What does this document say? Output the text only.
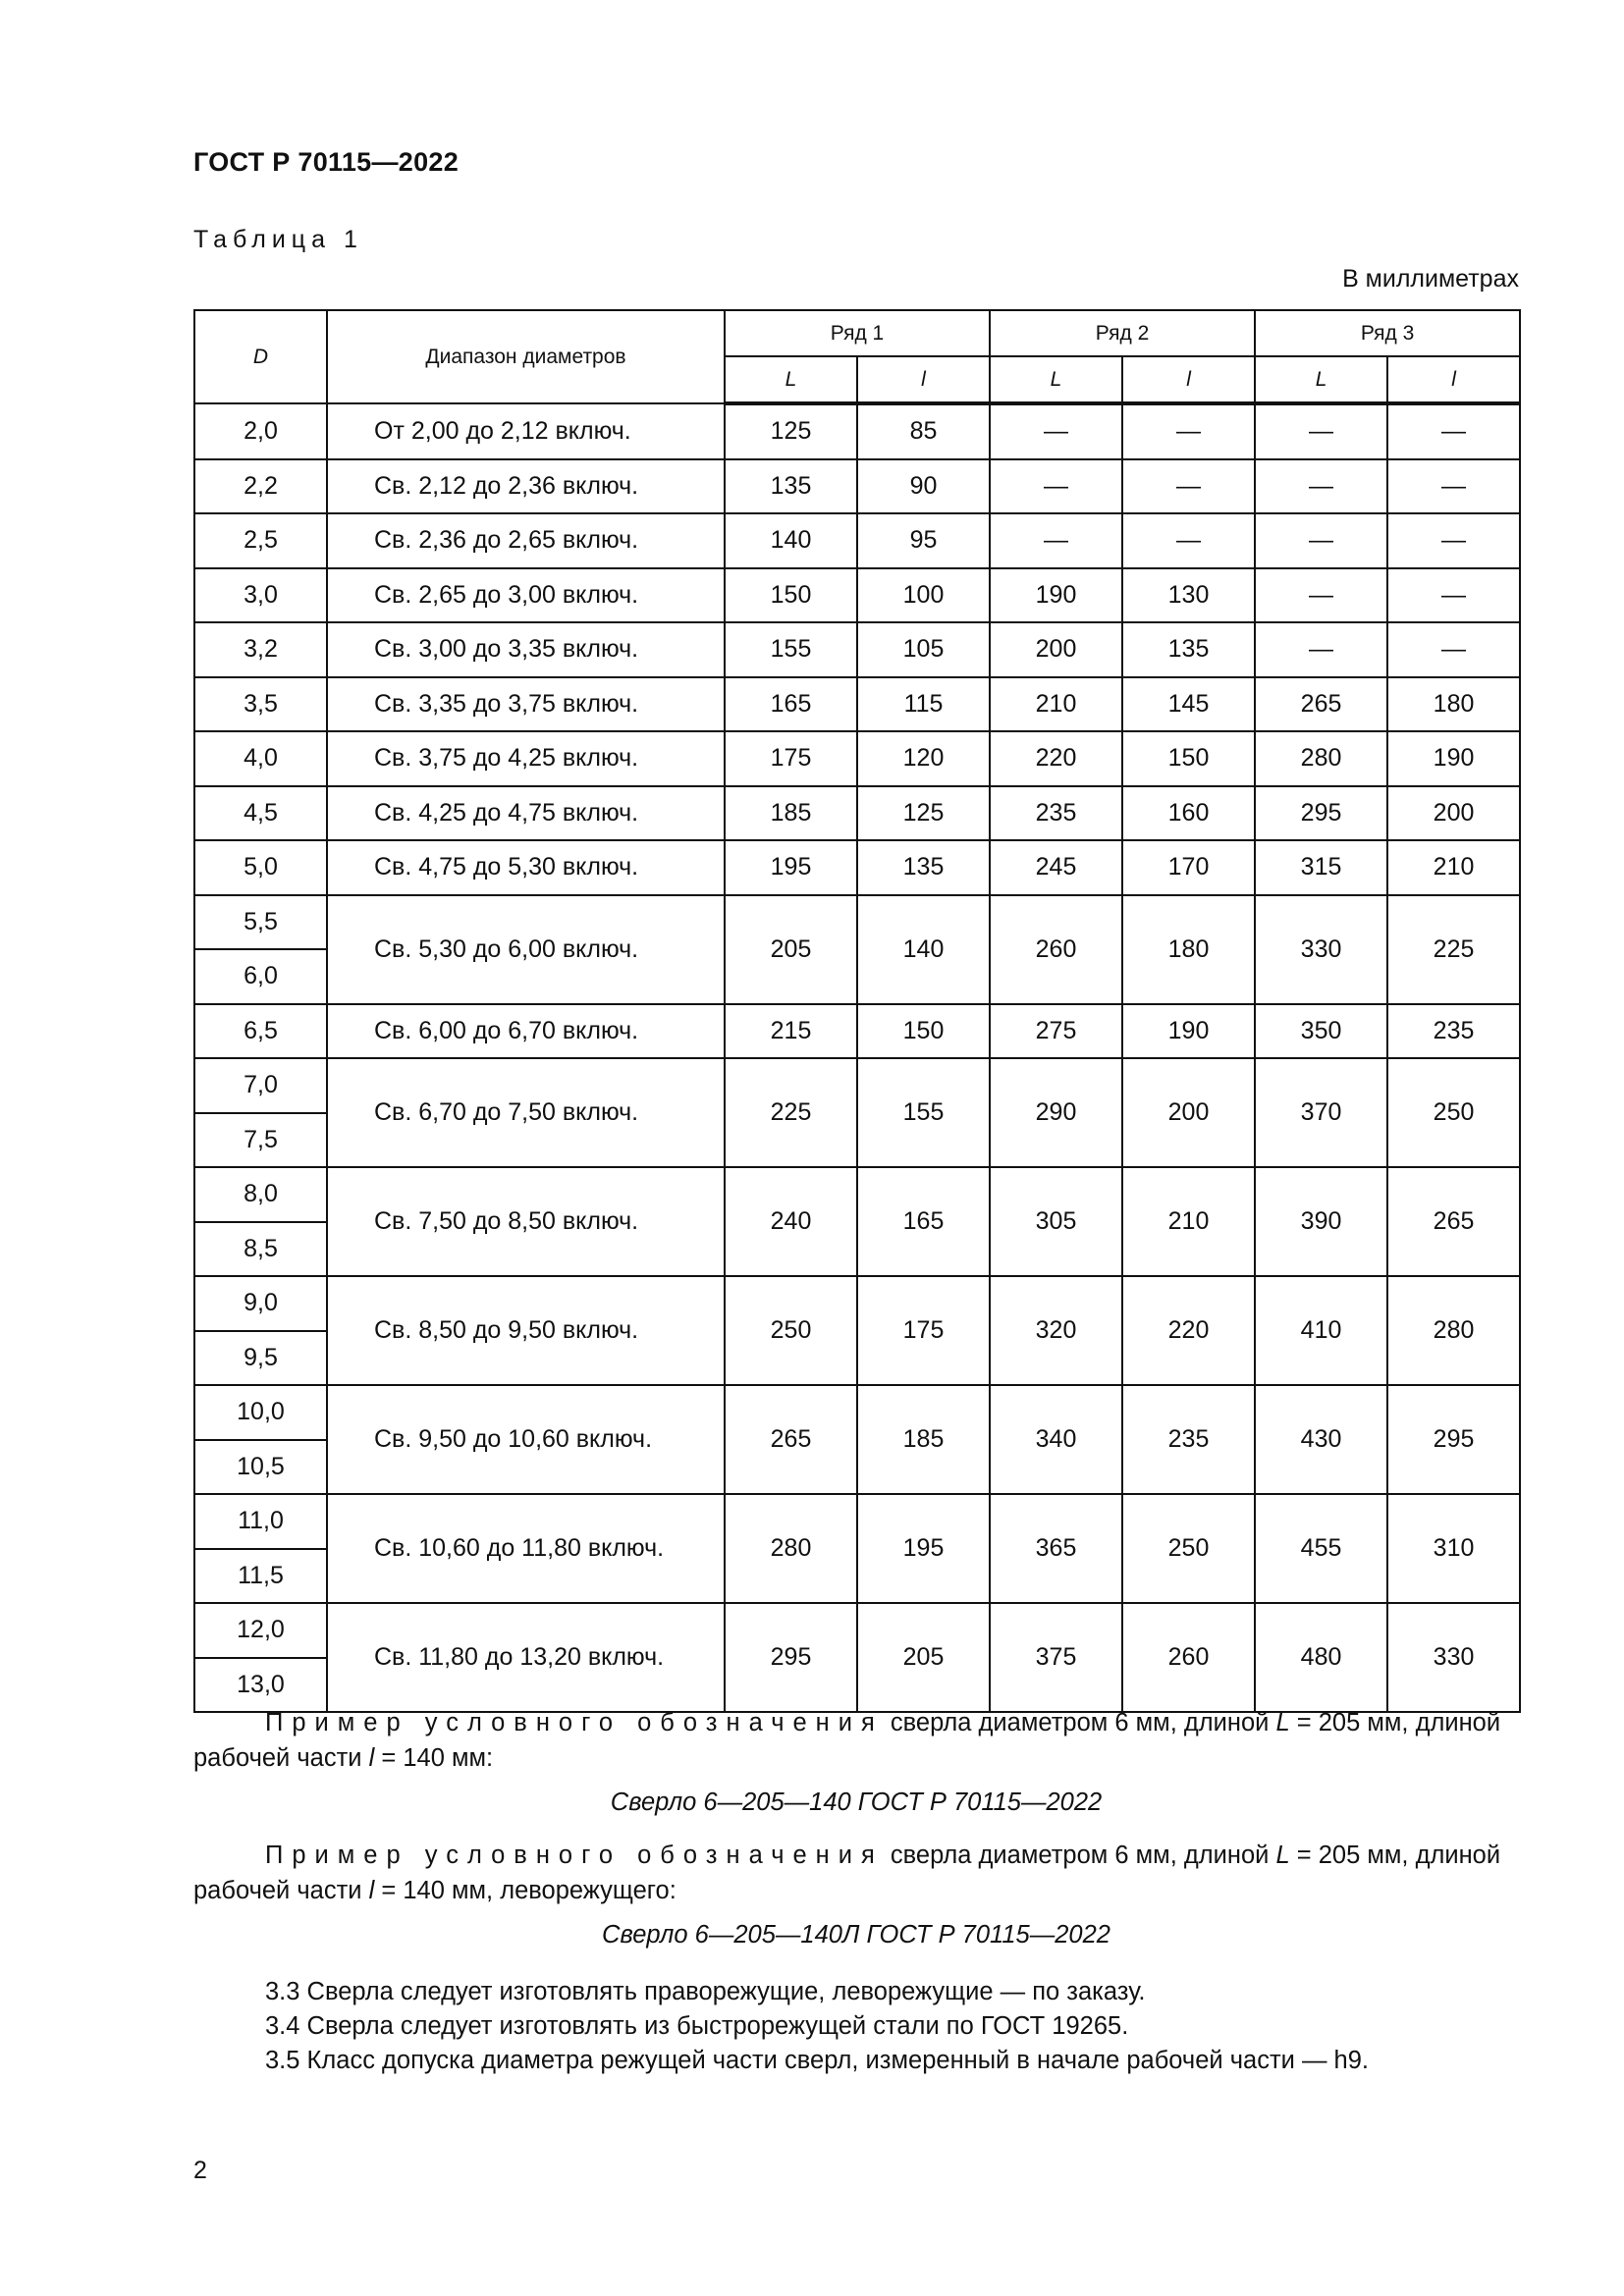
ГОСТ Р 70115—2022
Таблица 1
В миллиметрах
D	Диапазон диаметров	Ряд 1		Ряд 2		Ряд 3	
		L	l	L	l	L	l
2,0	От 2,00 до 2,12 включ.	125	85	—	—	—	—
2,2	Св. 2,12 до 2,36 включ.	135	90	—	—	—	—
2,5	Св. 2,36 до 2,65 включ.	140	95	—	—	—	—
3,0	Св. 2,65 до 3,00 включ.	150	100	190	130	—	—
3,2	Св. 3,00 до 3,35 включ.	155	105	200	135	—	—
3,5	Св. 3,35 до 3,75 включ.	165	115	210	145	265	180
4,0	Св. 3,75 до 4,25 включ.	175	120	220	150	280	190
4,5	Св. 4,25 до 4,75 включ.	185	125	235	160	295	200
5,0	Св. 4,75 до 5,30 включ.	195	135	245	170	315	210
5,5	Св. 5,30 до 6,00 включ.	205	140	260	180	330	225
6,0							
6,5	Св. 6,00 до 6,70 включ.	215	150	275	190	350	235
7,0	Св. 6,70 до 7,50 включ.	225	155	290	200	370	250
7,5							
8,0	Св. 7,50 до 8,50 включ.	240	165	305	210	390	265
8,5							
9,0	Св. 8,50 до 9,50 включ.	250	175	320	220	410	280
9,5							
10,0	Св. 9,50 до 10,60 включ.	265	185	340	235	430	295
10,5							
11,0	Св. 10,60 до 11,80 включ.	280	195	365	250	455	310
11,5							
12,0	Св. 11,80 до 13,20 включ.	295	205	375	260	480	330
13,0							
Пример условного обозначения сверла диаметром 6 мм, длиной L = 205 мм, длиной рабочей части l = 140 мм:
Сверло 6—205—140 ГОСТ Р 70115—2022
Пример условного обозначения сверла диаметром 6 мм, длиной L = 205 мм, длиной рабочей части l = 140 мм, леворежущего:
Сверло 6—205—140Л ГОСТ Р 70115—2022
3.3 Сверла следует изготовлять праворежущие, леворежущие — по заказу.
3.4 Сверла следует изготовлять из быстрорежущей стали по ГОСТ 19265.
3.5 Класс допуска диаметра режущей части сверл, измеренный в начале рабочей части — h9.
2
